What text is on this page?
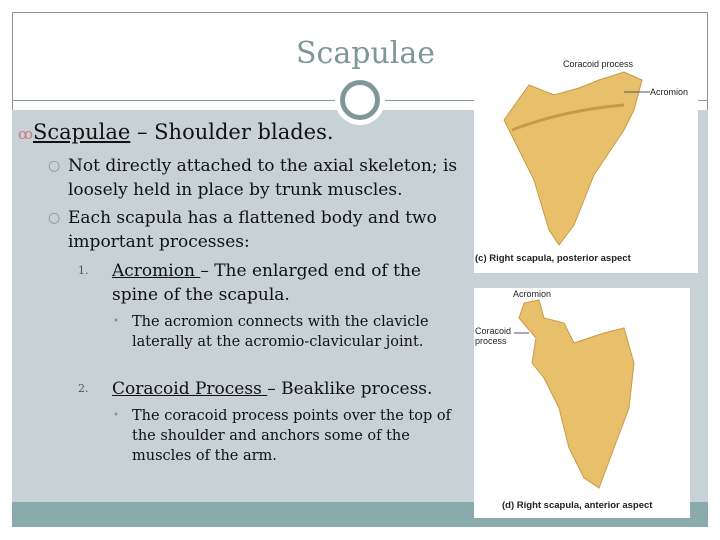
Scapulae
ꝏScapulae – Shoulder blades.
○ Not directly attached to the axial skeleton; is loosely held in place by trunk muscles.
○ Each scapula has a flattened body and two important processes:
1.	Acromion – The enlarged end of the spine of the scapula.
• The acromion connects with the clavicle laterally at the acromio-clavicular joint.
2.	Coracoid Process – Beaklike process.
• The coracoid process points over the top of the shoulder and anchors some of the muscles of the arm.
Coracoid process
Acromion
(c) Right scapula, posterior aspect
Acromion
Coracoid process
(d) Right scapula, anterior aspect
